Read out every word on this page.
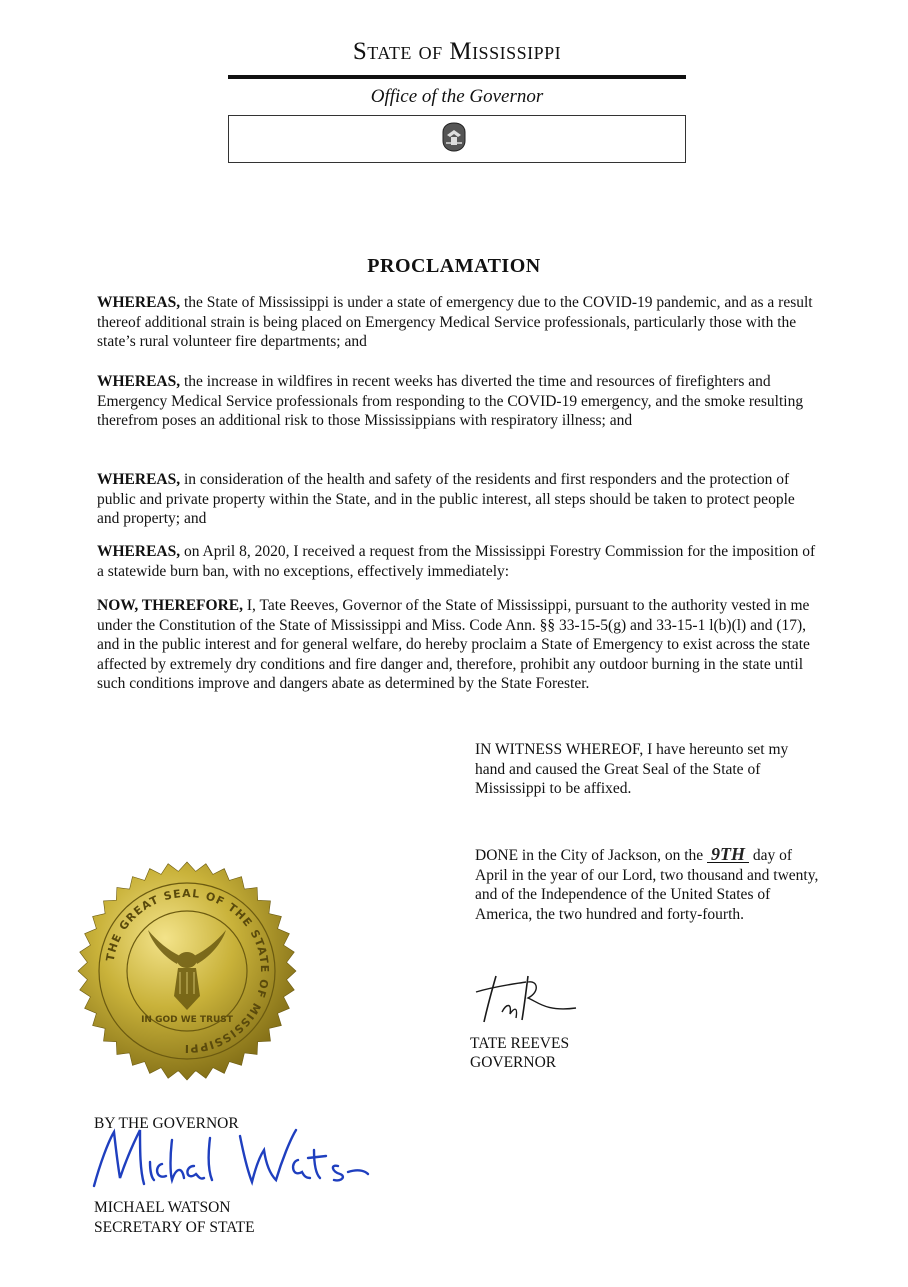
State of Mississippi
Office of the Governor
PROCLAMATION
WHEREAS, the State of Mississippi is under a state of emergency due to the COVID-19 pandemic, and as a result thereof additional strain is being placed on Emergency Medical Service professionals, particularly those with the state’s rural volunteer fire departments; and
WHEREAS, the increase in wildfires in recent weeks has diverted the time and resources of firefighters and Emergency Medical Service professionals from responding to the COVID-19 emergency, and the smoke resulting therefrom poses an additional risk to those Mississippians with respiratory illness; and
WHEREAS, in consideration of the health and safety of the residents and first responders and the protection of public and private property within the State, and in the public interest, all steps should be taken to protect people and property; and
WHEREAS, on April 8, 2020, I received a request from the Mississippi Forestry Commission for the imposition of a statewide burn ban, with no exceptions, effectively immediately:
NOW, THEREFORE, I, Tate Reeves, Governor of the State of Mississippi, pursuant to the authority vested in me under the Constitution of the State of Mississippi and Miss. Code Ann. §§ 33-15-5(g) and 33-15-1 l(b)(l) and (17), and in the public interest and for general welfare, do hereby proclaim a State of Emergency to exist across the state affected by extremely dry conditions and fire danger and, therefore, prohibit any outdoor burning in the state until such conditions improve and dangers abate as determined by the State Forester.
IN WITNESS WHEREOF, I have hereunto set my hand and caused the Great Seal of the State of Mississippi to be affixed.
DONE in the City of Jackson, on the 9TH day of April in the year of our Lord, two thousand and twenty, and of the Independence of the United States of America, the two hundred and forty-fourth.
THE GREAT SEAL OF THE STATE OF MISSISSIPPI
IN GOD WE TRUST
TATE REEVES
GOVERNOR
BY THE GOVERNOR
MICHAEL WATSON
SECRETARY OF STATE
